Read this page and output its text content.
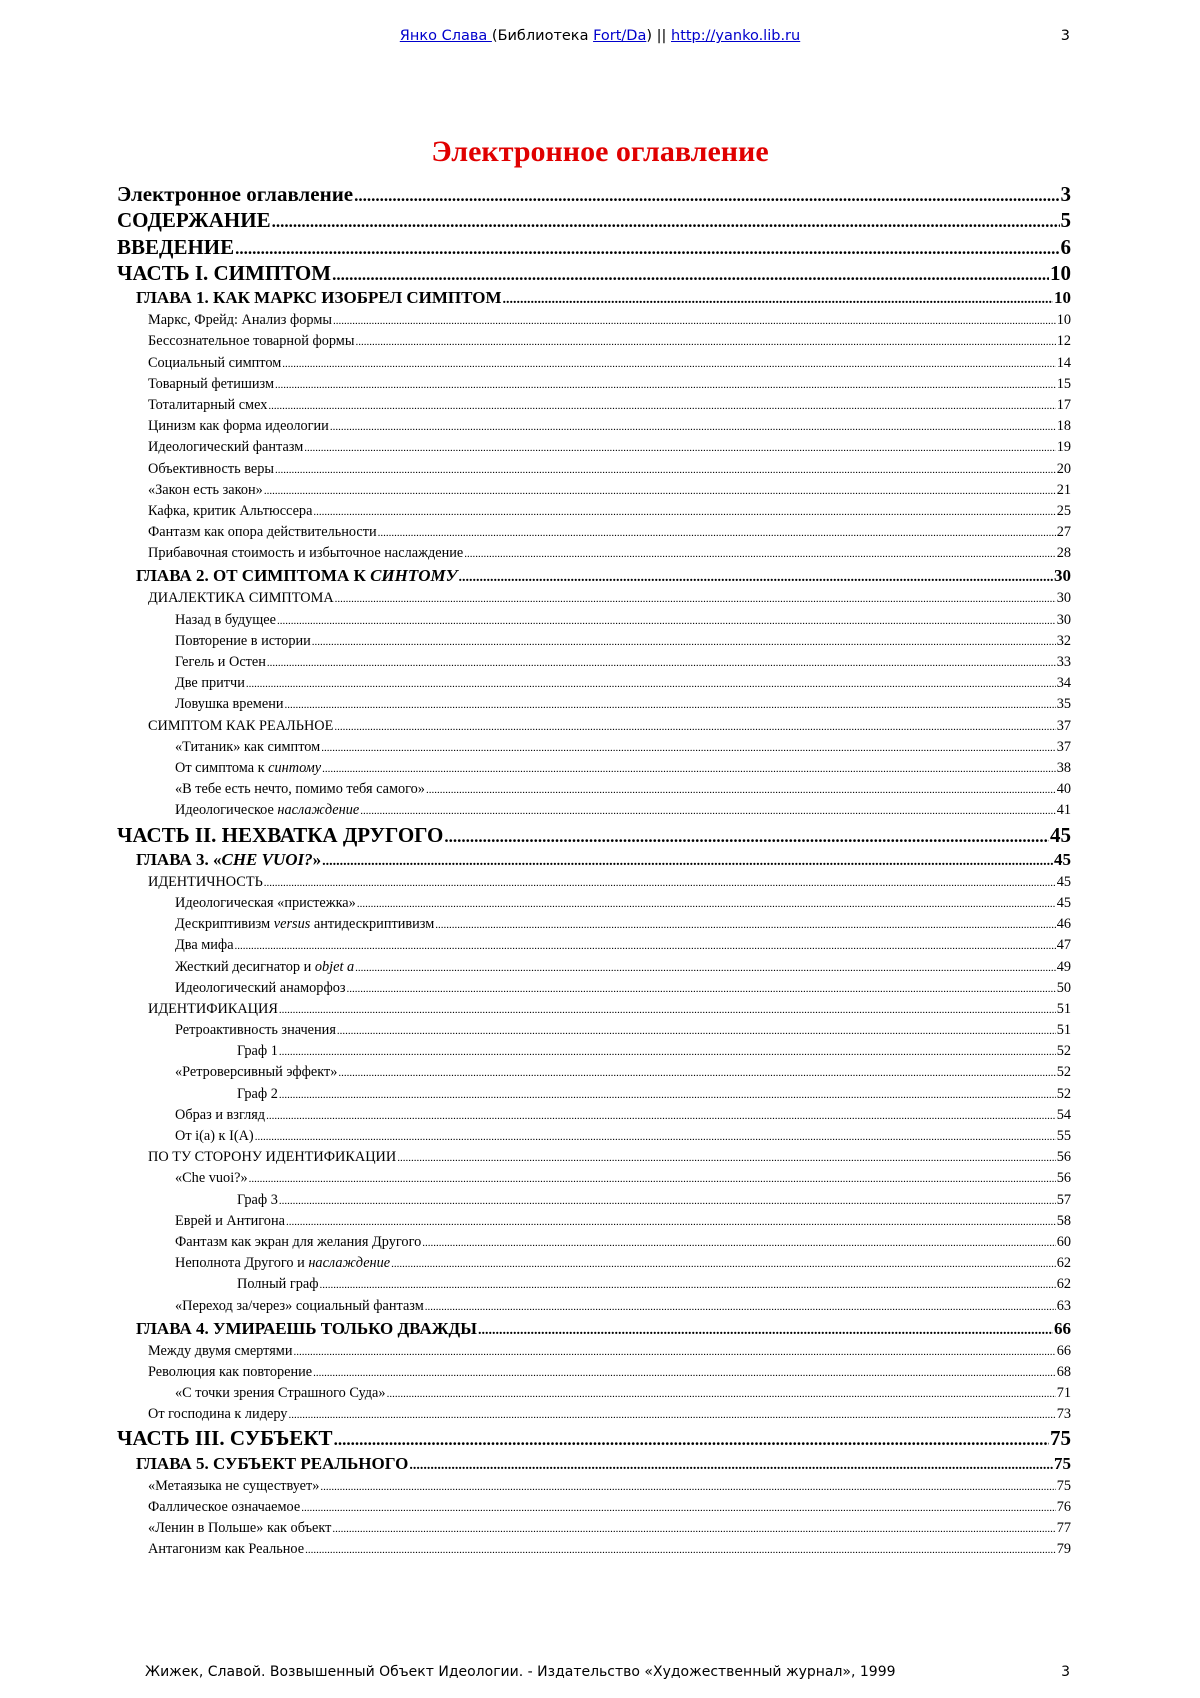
Янко Слава (Библиотека Fort/Da) || http://yanko.lib.ru	3
Электронное оглавление
Электронное оглавление .....	3
СОДЕРЖАНИЕ .....	5
ВВЕДЕНИЕ .....	6
ЧАСТЬ I. СИМПТОМ .....	10
ГЛАВА 1. КАК МАРКС ИЗОБРЕЛ СИМПТОМ .....	10
Маркс, Фрейд: Анализ формы .....	10
Бессознательное товарной формы .....	12
Социальный симптом .....	14
Товарный фетишизм .....	15
Тоталитарный смех .....	17
Цинизм как форма идеологии .....	18
Идеологический фантазм .....	19
Объективность веры .....	20
«Закон есть закон» .....	21
Кафка, критик Альтюссера .....	25
Фантазм как опора действительности .....	27
Прибавочная стоимость и избыточное наслаждение .....	28
ГЛАВА 2. ОТ СИМПТОМА К СИНТОМУ .....	30
ДИАЛЕКТИКА СИМПТОМА .....	30
Назад в будущее .....	30
Повторение в истории .....	32
Гегель и Остен .....	33
Две притчи .....	34
Ловушка времени .....	35
СИМПТОМ КАК РЕАЛЬНОЕ .....	37
«Титаник» как симптом .....	37
От симптома к синтому .....	38
«В тебе есть нечто, помимо тебя самого» .....	40
Идеологическое наслаждение .....	41
ЧАСТЬ II. НЕХВАТКА ДРУГОГО .....	45
ГЛАВА 3. «CHE VUOI?» .....	45
ИДЕНТИЧНОСТЬ .....	45
Идеологическая «пристежка» .....	45
Дескриптивизм versus антидескриптивизм .....	46
Два мифа .....	47
Жесткий десигнатор и objet a .....	49
Идеологический анаморфоз .....	50
ИДЕНТИФИКАЦИЯ .....	51
Ретроактивность значения .....	51
Граф 1 .....	52
«Ретроверсивный эффект» .....	52
Граф 2 .....	52
Образ и взгляд .....	54
От i(a) к I(A) .....	55
ПО ТУ СТОРОНУ ИДЕНТИФИКАЦИИ .....	56
«Che vuoi?» .....	56
Граф 3 .....	57
Еврей и Антигона .....	58
Фантазм как экран для желания Другого .....	60
Неполнота Другого и наслаждение .....	62
Полный граф .....	62
«Переход за/через» социальный фантазм .....	63
ГЛАВА 4. УМИРАЕШЬ ТОЛЬКО ДВАЖДЫ .....	66
Между двумя смертями .....	66
Революция как повторение .....	68
«С точки зрения Страшного Суда» .....	71
От господина к лидеру .....	73
ЧАСТЬ III. СУБЪЕКТ .....	75
ГЛАВА 5. СУБЪЕКТ РЕАЛЬНОГО .....	75
«Метаязыка не существует» .....	75
Фаллическое означаемое .....	76
«Ленин в Польше» как объект .....	77
Антагонизм как Реальное .....	79
Жижек, Славой. Возвышенный Объект Идеологии. - Издательство «Художественный журнал», 1999	3
